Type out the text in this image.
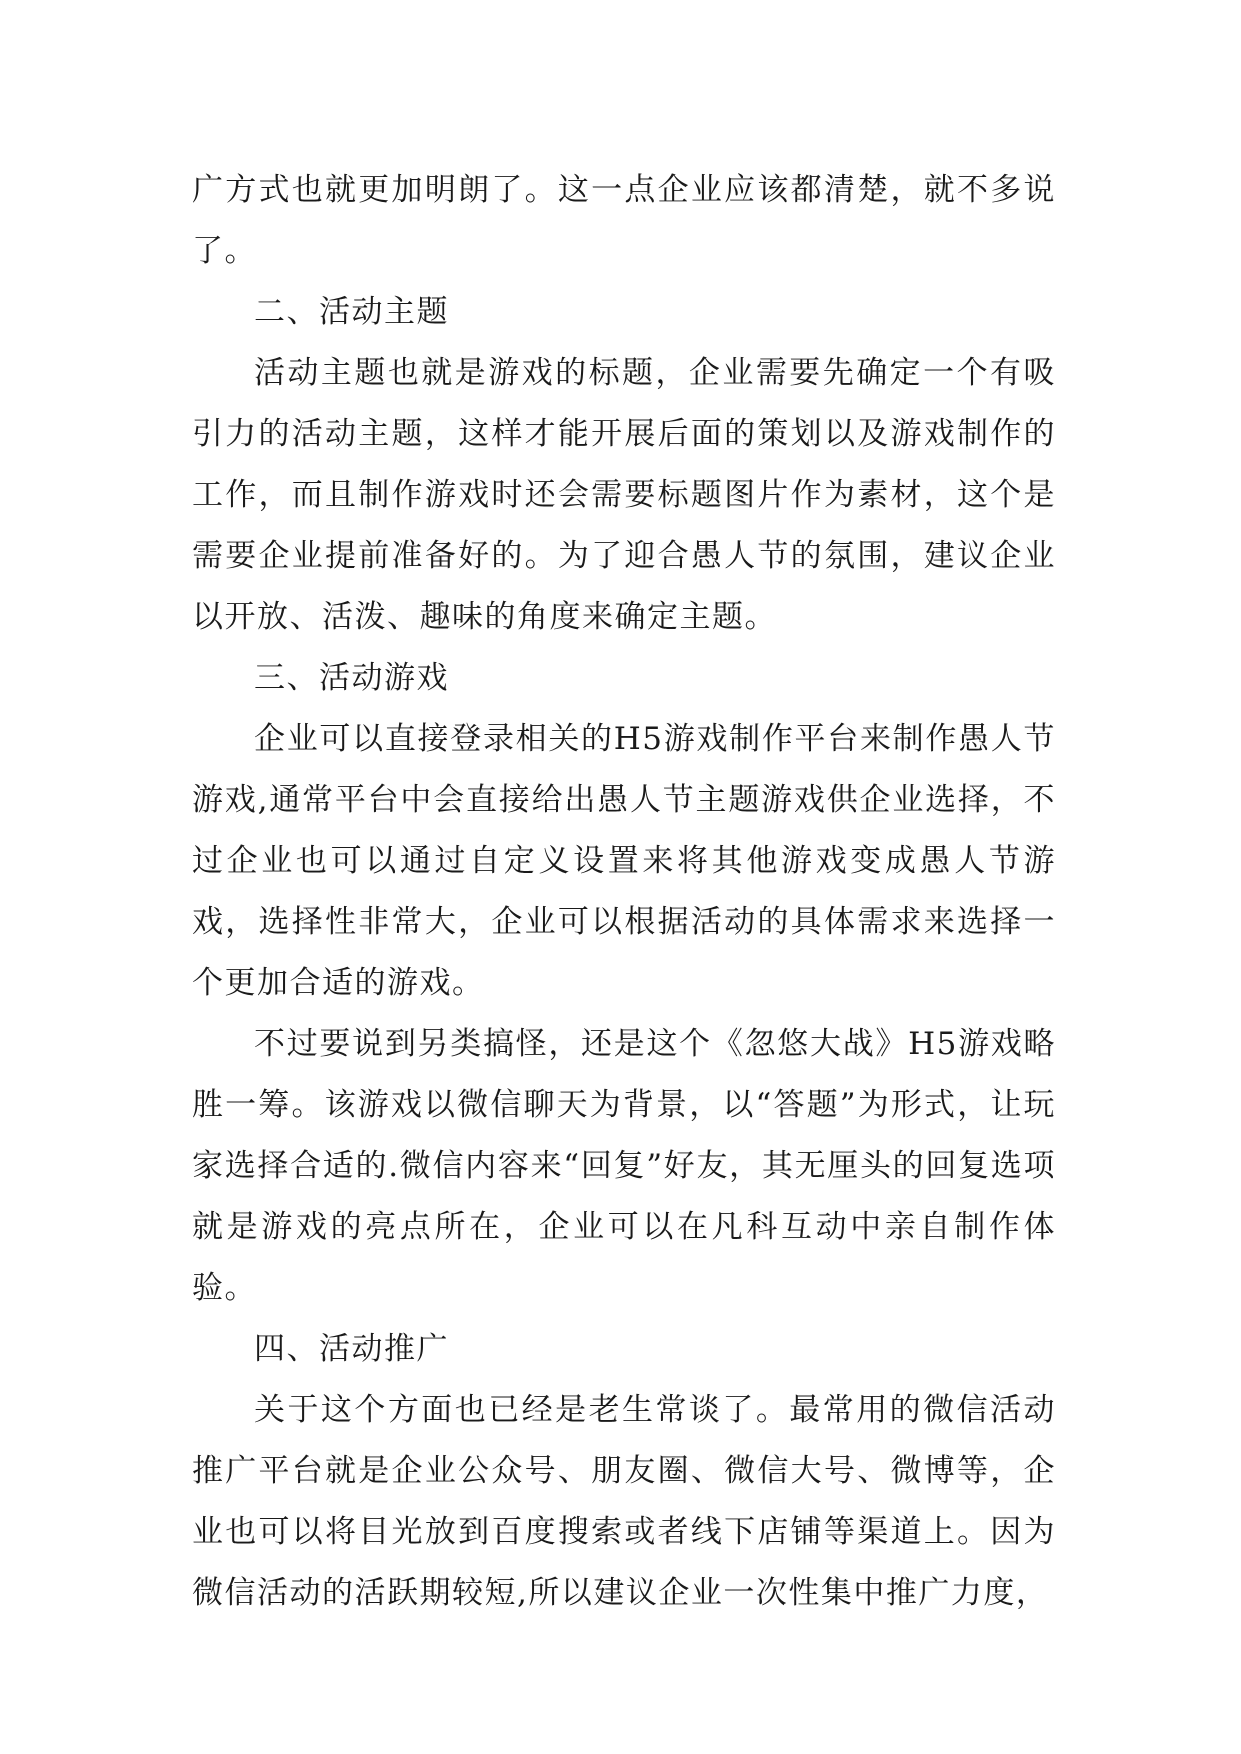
广方式也就更加明朗了。这一点企业应该都清楚，就不多说了。

二、活动主题

活动主题也就是游戏的标题，企业需要先确定一个有吸引力的活动主题，这样才能开展后面的策划以及游戏制作的工作，而且制作游戏时还会需要标题图片作为素材，这个是需要企业提前准备好的。为了迎合愚人节的氛围，建议企业以开放、活泼、趣味的角度来确定主题。

三、活动游戏

企业可以直接登录相关的H5游戏制作平台来制作愚人节游戏,通常平台中会直接给出愚人节主题游戏供企业选择，不过企业也可以通过自定义设置来将其他游戏变成愚人节游戏，选择性非常大，企业可以根据活动的具体需求来选择一个更加合适的游戏。

不过要说到另类搞怪，还是这个《忽悠大战》H5游戏略胜一筹。该游戏以微信聊天为背景，以“答题”为形式，让玩家选择合适的.微信内容来“回复”好友，其无厘头的回复选项就是游戏的亮点所在，企业可以在凡科互动中亲自制作体验。

四、活动推广

关于这个方面也已经是老生常谈了。最常用的微信活动推广平台就是企业公众号、朋友圈、微信大号、微博等，企业也可以将目光放到百度搜索或者线下店铺等渠道上。因为微信活动的活跃期较短,所以建议企业一次性集中推广力度，
